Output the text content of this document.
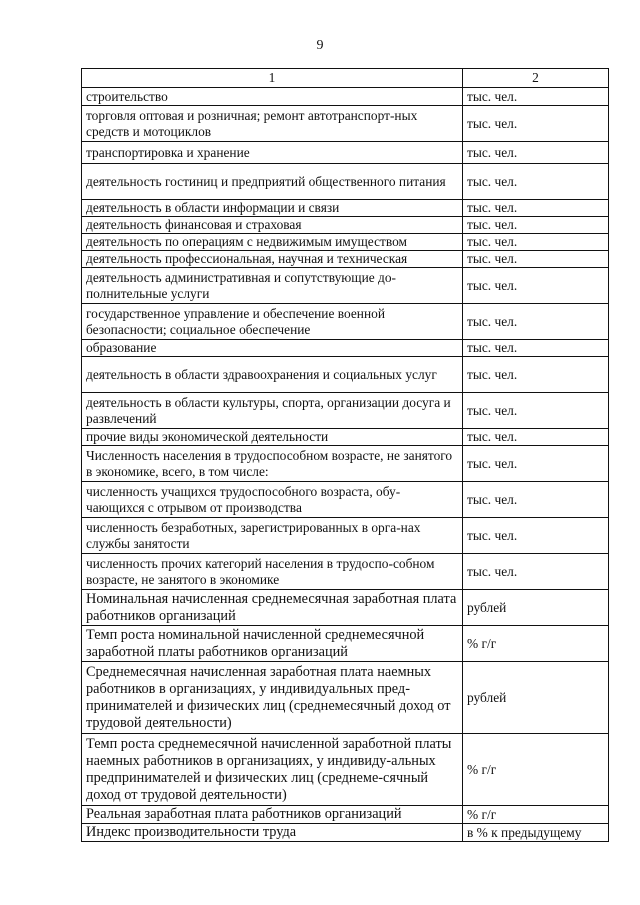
9
1	2
строительство	тыс. чел.
торговля оптовая и розничная; ремонт автотранспорт-ных средств и мотоциклов	тыс. чел.
транспортировка и хранение	тыс. чел.
деятельность гостиниц и предприятий общественного питания	тыс. чел.
деятельность в области информации и связи	тыс. чел.
деятельность финансовая и страховая	тыс. чел.
деятельность по операциям с недвижимым имуществом	тыс. чел.
деятельность профессиональная, научная и техническая	тыс. чел.
деятельность административная и сопутствующие до-полнительные услуги	тыс. чел.
государственное управление и обеспечение военной безопасности; социальное обеспечение	тыс. чел.
образование	тыс. чел.
деятельность в области здравоохранения и социальных услуг	тыс. чел.
деятельность в области культуры, спорта, организации досуга и развлечений	тыс. чел.
прочие виды экономической деятельности	тыс. чел.
Численность населения в трудоспособном возрасте, не занятого в экономике, всего, в том числе:	тыс. чел.
численность учащихся трудоспособного возраста, обу-чающихся с отрывом от производства	тыс. чел.
численность безработных, зарегистрированных в орга-нах службы занятости	тыс. чел.
численность прочих категорий населения в трудоспо-собном возрасте, не занятого в экономике	тыс. чел.
Номинальная начисленная среднемесячная заработная плата работников организаций	рублей
Темп роста номинальной начисленной среднемесячной заработной платы работников организаций	% г/г
Среднемесячная начисленная заработная плата наемных работников в организациях, у индивидуальных пред-принимателей и физических лиц (среднемесячный доход от трудовой деятельности)	рублей
Темп роста среднемесячной начисленной заработной платы наемных работников в организациях, у индивиду-альных предпринимателей и физических лиц (среднеме-сячный доход от трудовой деятельности)	% г/г
Реальная заработная плата работников организаций	% г/г
Индекс производительности труда	в % к предыдущему
